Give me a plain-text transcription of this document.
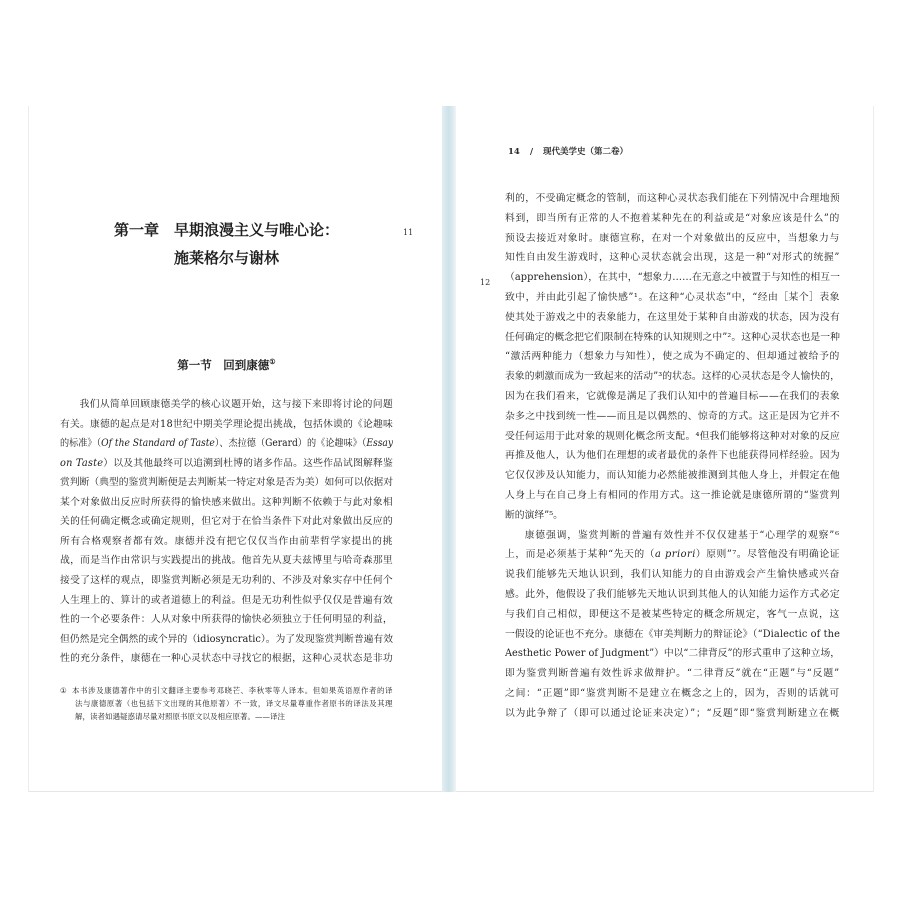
第一章　早期浪漫主义与唯心论：
施莱格尔与谢林
11
第一节　回到康德①
我们从简单回顾康德美学的核心议题开始，这与接下来即将讨论的问题
有关。康德的起点是对18世纪中期美学理论提出挑战，包括休谟的《论趣味
的标准》（Of the Standard of Taste）、杰拉德（Gerard）的《论趣味》（Essay
on Taste）以及其他最终可以追溯到杜博的诸多作品。这些作品试图解释鉴
赏判断（典型的鉴赏判断便是去判断某一特定对象是否为美）如何可以依据对
某个对象做出反应时所获得的愉快感来做出。这种判断不依赖于与此对象相
关的任何确定概念或确定规则，但它对于在恰当条件下对此对象做出反应的
所有合格观察者都有效。康德并没有把它仅仅当作由前辈哲学家提出的挑
战，而是当作由常识与实践提出的挑战。他首先从夏夫兹博里与哈奇森那里
接受了这样的观点，即鉴赏判断必须是无功利的、不涉及对象实存中任何个
人生理上的、算计的或者道德上的利益。但是无功利性似乎仅仅是普遍有效
性的一个必要条件：人从对象中所获得的愉快必须独立于任何明显的利益，
但仍然是完全偶然的或个异的（idiosyncratic）。为了发现鉴赏判断普遍有效
性的充分条件，康德在一种心灵状态中寻找它的根据，这种心灵状态是非功
① 本书涉及康德著作中的引文翻译主要参考邓晓芒、李秋零等人译本。但如果英语原作者的译
法与康德原著（也包括下文出现的其他原著）不一致，译文尽量尊重作者原书的译法及其理
解，读者如遇疑惑请尽量对照原书原文以及相应原著。——译注
14 / 现代美学史（第二卷）
12
利的，不受确定概念的管制，而这种心灵状态我们能在下列情况中合理地预
料到，即当所有正常的人不抱着某种先在的利益或是“对象应该是什么”的
预设去接近对象时。康德宣称，在对一个对象做出的反应中，当想象力与
知性自由发生游戏时，这种心灵状态就会出现，这是一种“对形式的统握”
（apprehension），在其中，“想象力……在无意之中被置于与知性的相互一
致中，并由此引起了愉快感”¹。在这种“心灵状态”中，“经由［某个］表象
使其处于游戏之中的表象能力，在这里处于某种自由游戏的状态，因为没有
任何确定的概念把它们限制在特殊的认知规则之中”²。这种心灵状态也是一种
“激活两种能力（想象力与知性），使之成为不确定的、但却通过被给予的
表象的刺激而成为一致起来的活动”³的状态。这样的心灵状态是令人愉快的，
因为在我们看来，它就像是满足了我们认知中的普遍目标——在我们的表象
杂多之中找到统一性——而且是以偶然的、惊奇的方式。这正是因为它并不
受任何运用于此对象的规则化概念所支配。⁴但我们能够将这种对对象的反应
再推及他人，认为他们在理想的或者最优的条件下也能获得同样经验。因为
它仅仅涉及认知能力，而认知能力必然能被推测到其他人身上，并假定在他
人身上与在自己身上有相同的作用方式。这一推论就是康德所谓的“鉴赏判
断的演绎”⁵。
康德强调，鉴赏判断的普遍有效性并不仅仅建基于“心理学的观察”⁶
上，而是必须基于某种“先天的（a priori）原则”⁷。尽管他没有明确论证
说我们能够先天地认识到，我们认知能力的自由游戏会产生愉快感或兴奋
感。此外，他假设了我们能够先天地认识到其他人的认知能力运作方式必定
与我们自己相似，即便这不是被某些特定的概念所规定，客气一点说，这
一假设的论证也不充分。康德在《审美判断力的辩证论》（“Dialectic of the
Aesthetic Power of Judgment”）中以“二律背反”的形式重申了这种立场，
即为鉴赏判断普遍有效性诉求做辩护。“二律背反”就在“正题”与“反题”
之间：“正题”即“鉴赏判断不是建立在概念之上的，因为，否则的话就可
以为此争辩了（即可以通过论证来决定）”；“反题”即“鉴赏判断建立在概
